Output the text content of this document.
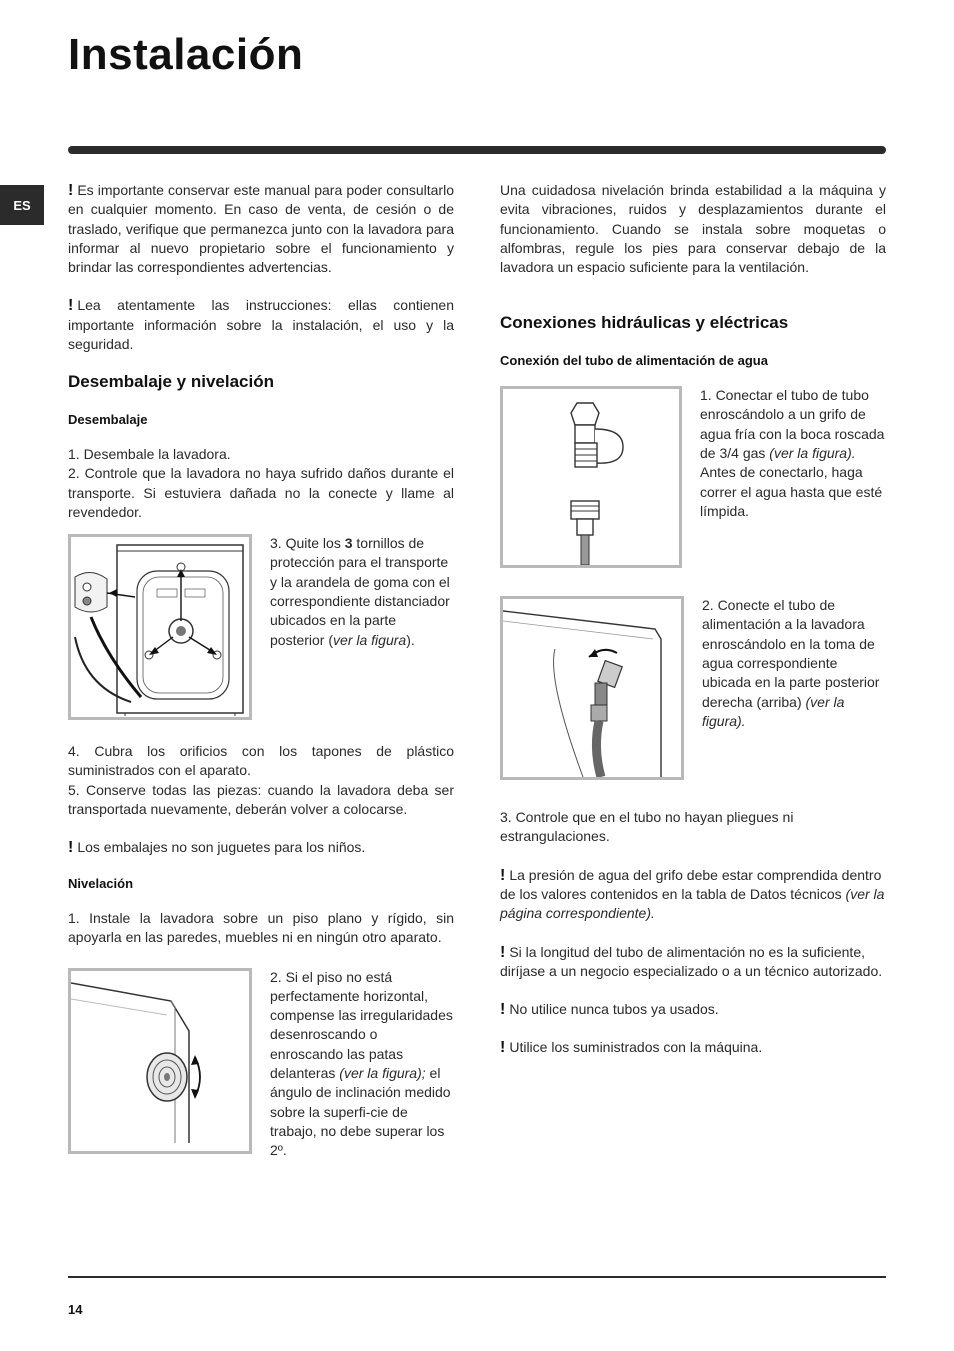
Instalación
ES

! Es importante conservar este manual para poder consultarlo en cualquier momento. En caso de venta, de cesión o de traslado, verifique que permanezca junto con la lavadora para informar al nuevo propietario sobre el funcionamiento y brindar las correspondientes advertencias.

! Lea atentamente las instrucciones: ellas contienen importante información sobre la instalación, el uso y la seguridad.

Desembalaje y nivelación
Desembalaje

1. Desembale la lavadora.

2. Controle que la lavadora no haya sufrido daños durante el transporte. Si estuviera dañada no la conecte y llame al revendedor.

3. Quite los 3 tornillos de protección para el transporte y la arandela de goma con el correspondiente distanciador ubicados en la parte posterior (ver la figura).

4. Cubra los orificios con los tapones de plástico suministrados con el aparato.

5. Conserve todas las piezas: cuando la lavadora deba ser transportada nuevamente, deberán volver a colocarse.

! Los embalajes no son juguetes para los niños.

Nivelación

1. Instale la lavadora sobre un piso plano y rígido, sin apoyarla en las paredes, muebles ni en ningún otro aparato.

2. Si el piso no está perfectamente horizontal, compense las irregularidades desenroscando o enroscando las patas delanteras (ver la figura); el ángulo de inclinación medido sobre la superfi-cie de trabajo, no debe superar los 2º.

Una cuidadosa nivelación brinda estabilidad a la máquina y evita vibraciones, ruidos y desplazamientos durante el funcionamiento. Cuando se instala sobre moquetas o alfombras, regule los pies para conservar debajo de la lavadora un espacio suficiente para la ventilación.

Conexiones hidráulicas y eléctricas
Conexión del tubo de alimentación de agua

1. Conectar el tubo de tubo enroscándolo a un grifo de agua fría con la boca roscada de 3/4 gas (ver la figura).

Antes de conectarlo, haga correr el agua hasta que esté límpida.

2. Conecte el tubo de alimentación a la lavadora enroscándolo en la toma de agua correspondiente ubicada en la parte posterior derecha (arriba) (ver la figura).

3. Controle que en el tubo no hayan pliegues ni estrangulaciones.

! La presión de agua del grifo debe estar comprendida dentro de los valores contenidos en la tabla de Datos técnicos (ver la página correspondiente).

! Si la longitud del tubo de alimentación no es la suficiente, diríjase a un negocio especializado o a un técnico autorizado.

! No utilice nunca tubos ya usados.

! Utilice los suministrados con la máquina.

14
